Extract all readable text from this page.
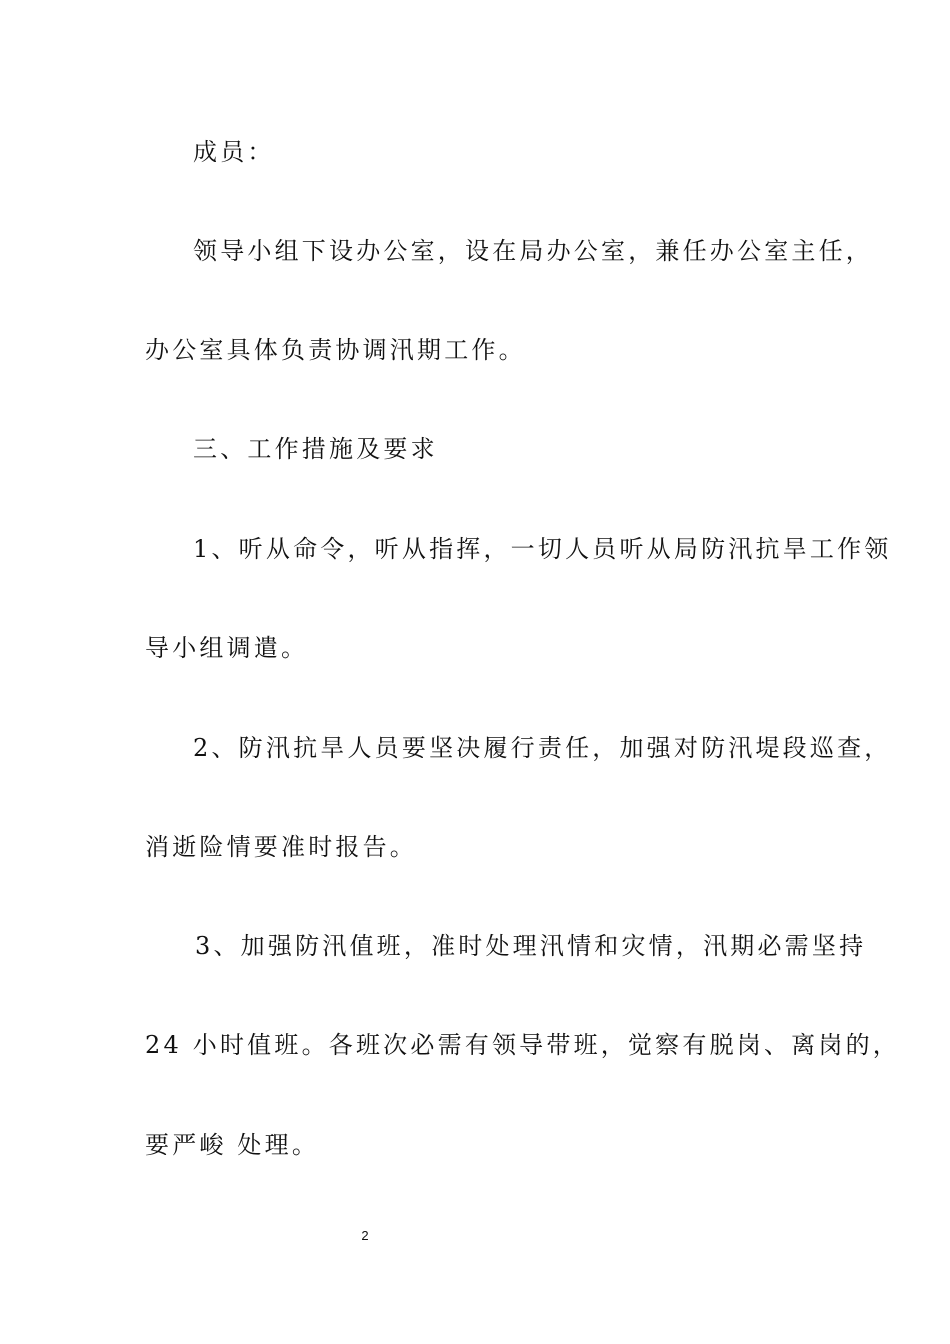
成员：
领导小组下设办公室，设在局办公室，兼任办公室主任，
办公室具体负责协调汛期工作。
三、工作措施及要求
1、听从命令，听从指挥，一切人员听从局防汛抗旱工作领
导小组调遣。
2、防汛抗旱人员要坚决履行责任，加强对防汛堤段巡查，
消逝险情要准时报告。
3、加强防汛值班，准时处理汛情和灾情，汛期必需坚持
24 小时值班。各班次必需有领导带班，觉察有脱岗、离岗的，
要严峻 处理。
2
